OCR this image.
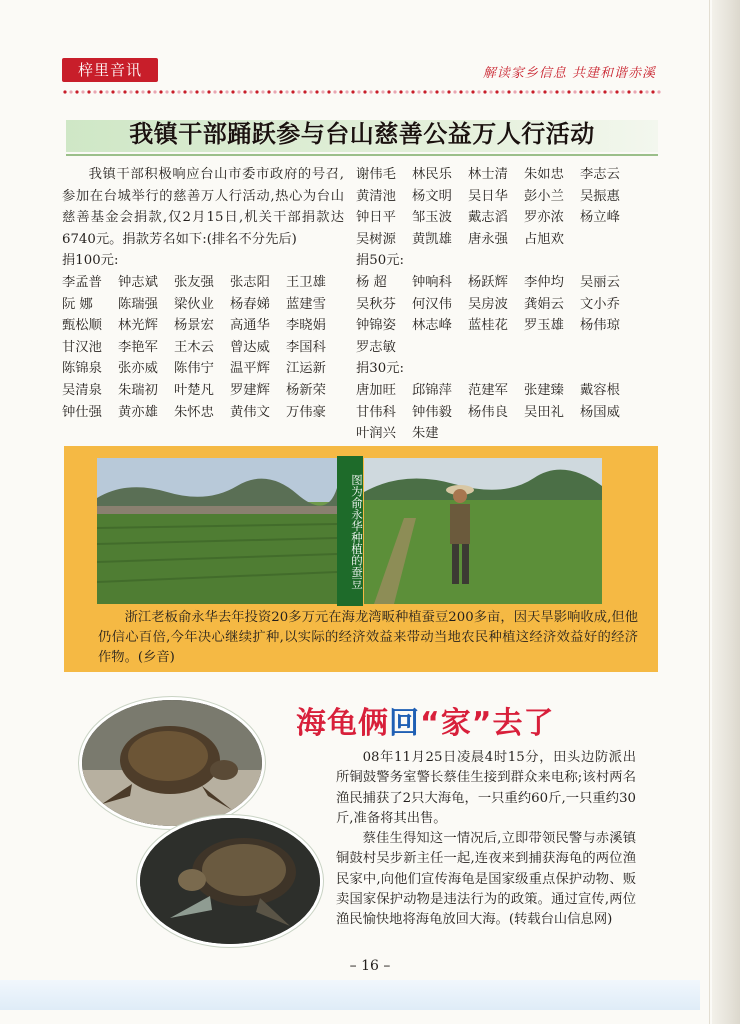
梓里音讯	解读家乡信息 共建和谐赤溪
我镇干部踊跃参与台山慈善公益万人行活动
我镇干部积极响应台山市委市政府的号召,参加在台城举行的慈善万人行活动,热心为台山慈善基金会捐款,仅2月15日,机关干部捐款达6740元。捐款芳名如下:(排名不分先后)
捐100元:
李孟普	钟志斌	张友强	张志阳	王卫雄
阮 娜	陈瑞强	梁伙业	杨春娣	蓝建雪
甄松顺	林光辉	杨景宏	高通华	李晓娟
甘汉池	李艳军	王木云	曾达威	李国科
陈锦泉	张亦威	陈伟宁	温平辉	江运新
吴清泉	朱瑞初	叶楚凡	罗建辉	杨新荣
钟仕强	黄亦雄	朱怀忠	黄伟文	万伟豪
谢伟毛	林民乐	林士清	朱如忠	李志云
黄清池	杨文明	吴日华	彭小兰	吴振惠
钟日平	邹玉波	戴志滔	罗亦浓	杨立峰
吴树源	黄凯雄	唐永强	占旭欢
捐50元:
杨 超	钟响科	杨跃辉	李仲均	吴丽云
吴秋芬	何汉伟	吴房波	龚娟云	文小乔
钟锦姿	林志峰	蓝桂花	罗玉雄	杨伟琼
罗志敏
捐30元:
唐加旺	邱锦萍	范建军	张建臻	戴容根
甘伟科	钟伟毅	杨伟良	吴田礼	杨国威
叶润兴	朱建
图为俞永华种植的蚕豆
浙江老板俞永华去年投资20多万元在海龙湾畈种植蚕豆200多亩，因天旱影响收成,但他仍信心百倍,今年决心继续扩种,以实际的经济效益来带动当地农民种植这经济效益好的经济作物。(乡音)
海龟俩回“家”去了

08年11月25日凌晨4时15分，田头边防派出所铜鼓警务室警长蔡佳生接到群众来电称;该村两名渔民捕获了2只大海龟，一只重约60斤,一只重约30斤,准备将其出售。

蔡佳生得知这一情况后,立即带领民警与赤溪镇铜鼓村吴步新主任一起,连夜来到捕获海龟的两位渔民家中,向他们宣传海龟是国家级重点保护动物、贩卖国家保护动物是违法行为的政策。通过宣传,两位渔民愉快地将海龟放回大海。(转载台山信息网)

– 16 –
